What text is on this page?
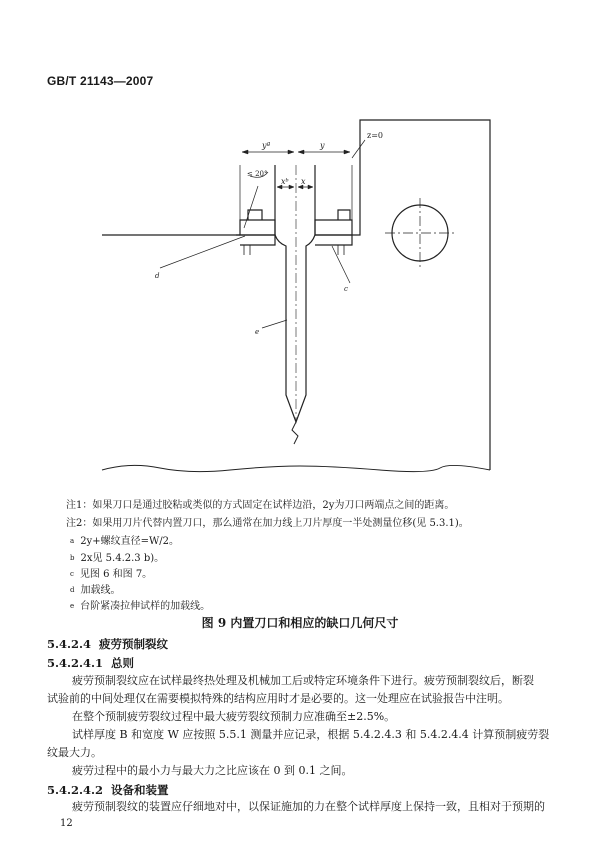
GB/T 21143—2007
yª	y
z=0
≤ 20°
xᵇ x
d
e
c
注1：如果刀口是通过胶粘或类似的方式固定在试样边沿，2y为刀口两端点之间的距离。
注2：如果用刀片代替内置刀口，那么通常在加力线上刀片厚度一半处测量位移(见 5.3.1)。
$^a$ 2y+螺纹直径=W/2。
$^b$ 2x见 5.4.2.3 b)。
$^c$ 见图 6 和图 7。
$^d$ 加载线。
$^e$ 台阶紧凑拉伸试样的加载线。
图 9 内置刀口和相应的缺口几何尺寸
5.4.2.4 疲劳预制裂纹
5.4.2.4.1 总则
疲劳预制裂纹应在试样最终热处理及机械加工后或特定环境条件下进行。疲劳预制裂纹后，断裂
试验前的中间处理仅在需要模拟特殊的结构应用时才是必要的。这一处理应在试验报告中注明。
在整个预制疲劳裂纹过程中最大疲劳裂纹预制力应准确至±2.5%。
试样厚度 B 和宽度 W 应按照 5.5.1 测量并应记录，根据 5.4.2.4.3 和 5.4.2.4.4 计算预制疲劳裂
纹最大力。
疲劳过程中的最小力与最大力之比应该在 0 到 0.1 之间。
5.4.2.4.2 设备和装置
疲劳预制裂纹的装置应仔细地对中，以保证施加的力在整个试样厚度上保持一致，且相对于预期的
12
